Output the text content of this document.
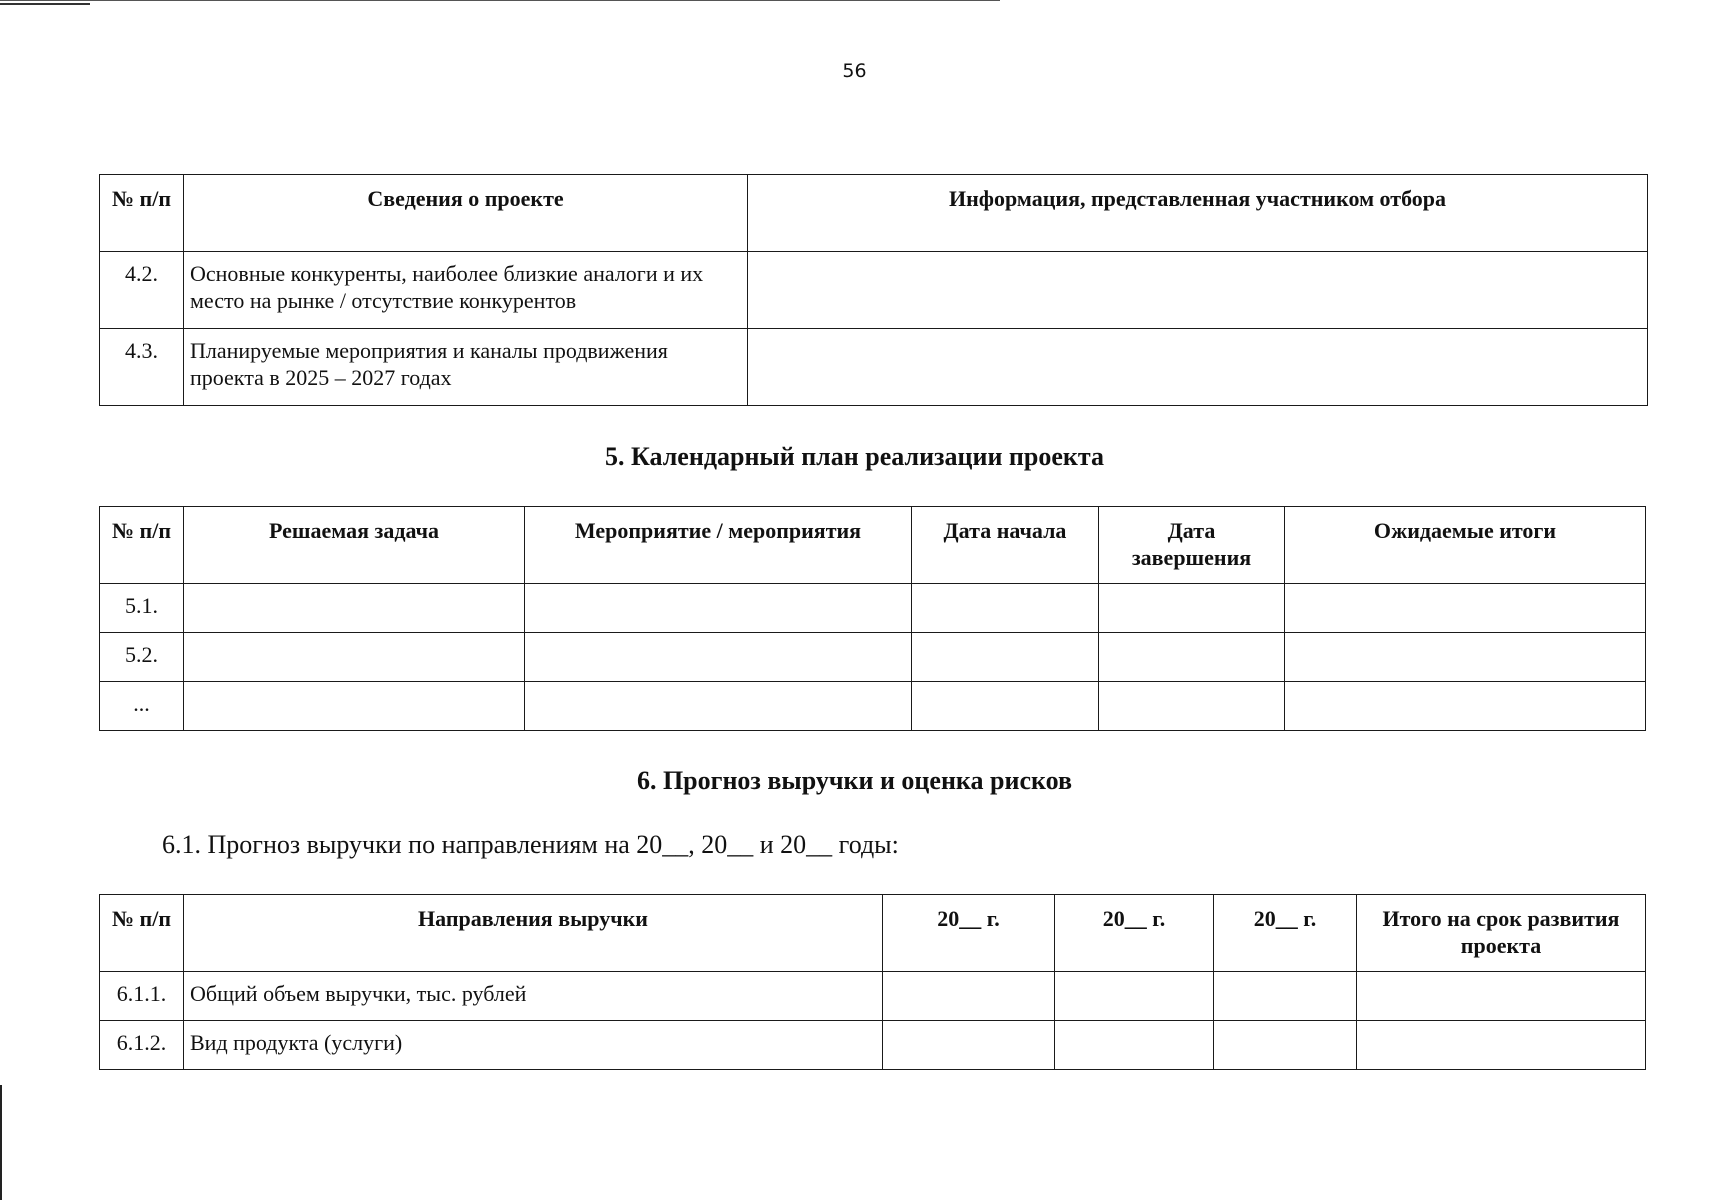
56
№ п/п	Сведения о проекте	Информация, представленная участником отбора
4.2.	Основные конкуренты, наиболее близкие аналоги и их место на рынке / отсутствие конкурентов	
4.3.	Планируемые мероприятия и каналы продвижения проекта в 2025 – 2027 годах	
5. Календарный план реализации проекта
№ п/п	Решаемая задача	Мероприятие / мероприятия	Дата начала	Дата завершения	Ожидаемые итоги
5.1.					
5.2.					
...					
6. Прогноз выручки и оценка рисков
6.1. Прогноз выручки по направлениям на 20__, 20__ и 20__ годы:
№ п/п	Направления выручки	20__ г.	20__ г.	20__ г.	Итого на срок развития проекта
6.1.1.	Общий объем выручки, тыс. рублей				
6.1.2.	Вид продукта (услуги)				
